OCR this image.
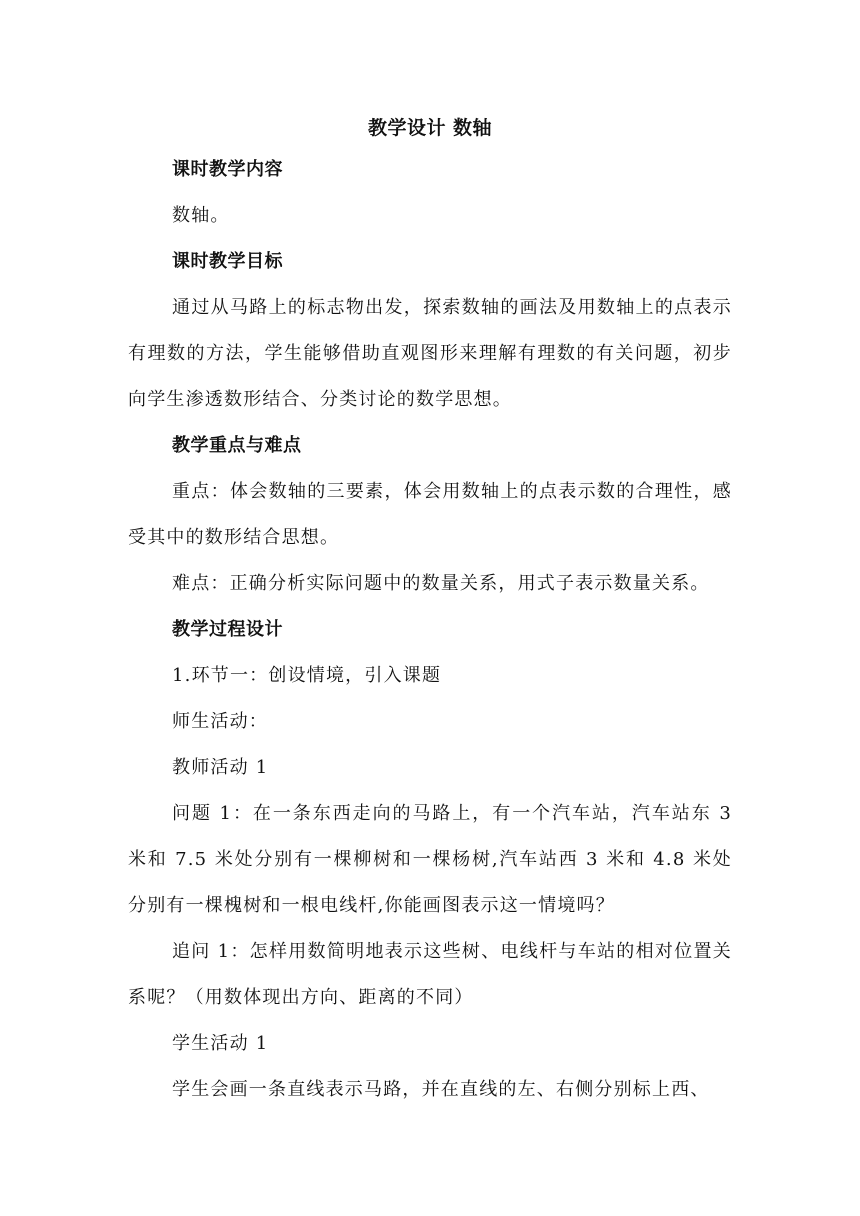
教学设计 数轴
课时教学内容
数轴。
课时教学目标
通过从马路上的标志物出发，探索数轴的画法及用数轴上的点表示有理数的方法，学生能够借助直观图形来理解有理数的有关问题，初步向学生渗透数形结合、分类讨论的数学思想。
教学重点与难点
重点：体会数轴的三要素，体会用数轴上的点表示数的合理性，感受其中的数形结合思想。
难点：正确分析实际问题中的数量关系，用式子表示数量关系。
教学过程设计
1.环节一：创设情境，引入课题
师生活动：
教师活动 1
问题 1：在一条东西走向的马路上，有一个汽车站，汽车站东 3 米和 7.5 米处分别有一棵柳树和一棵杨树,汽车站西 3 米和 4.8 米处分别有一棵槐树和一根电线杆,你能画图表示这一情境吗？
追问 1：怎样用数简明地表示这些树、电线杆与车站的相对位置关系呢？（用数体现出方向、距离的不同）
学生活动 1
学生会画一条直线表示马路，并在直线的左、右侧分别标上西、
